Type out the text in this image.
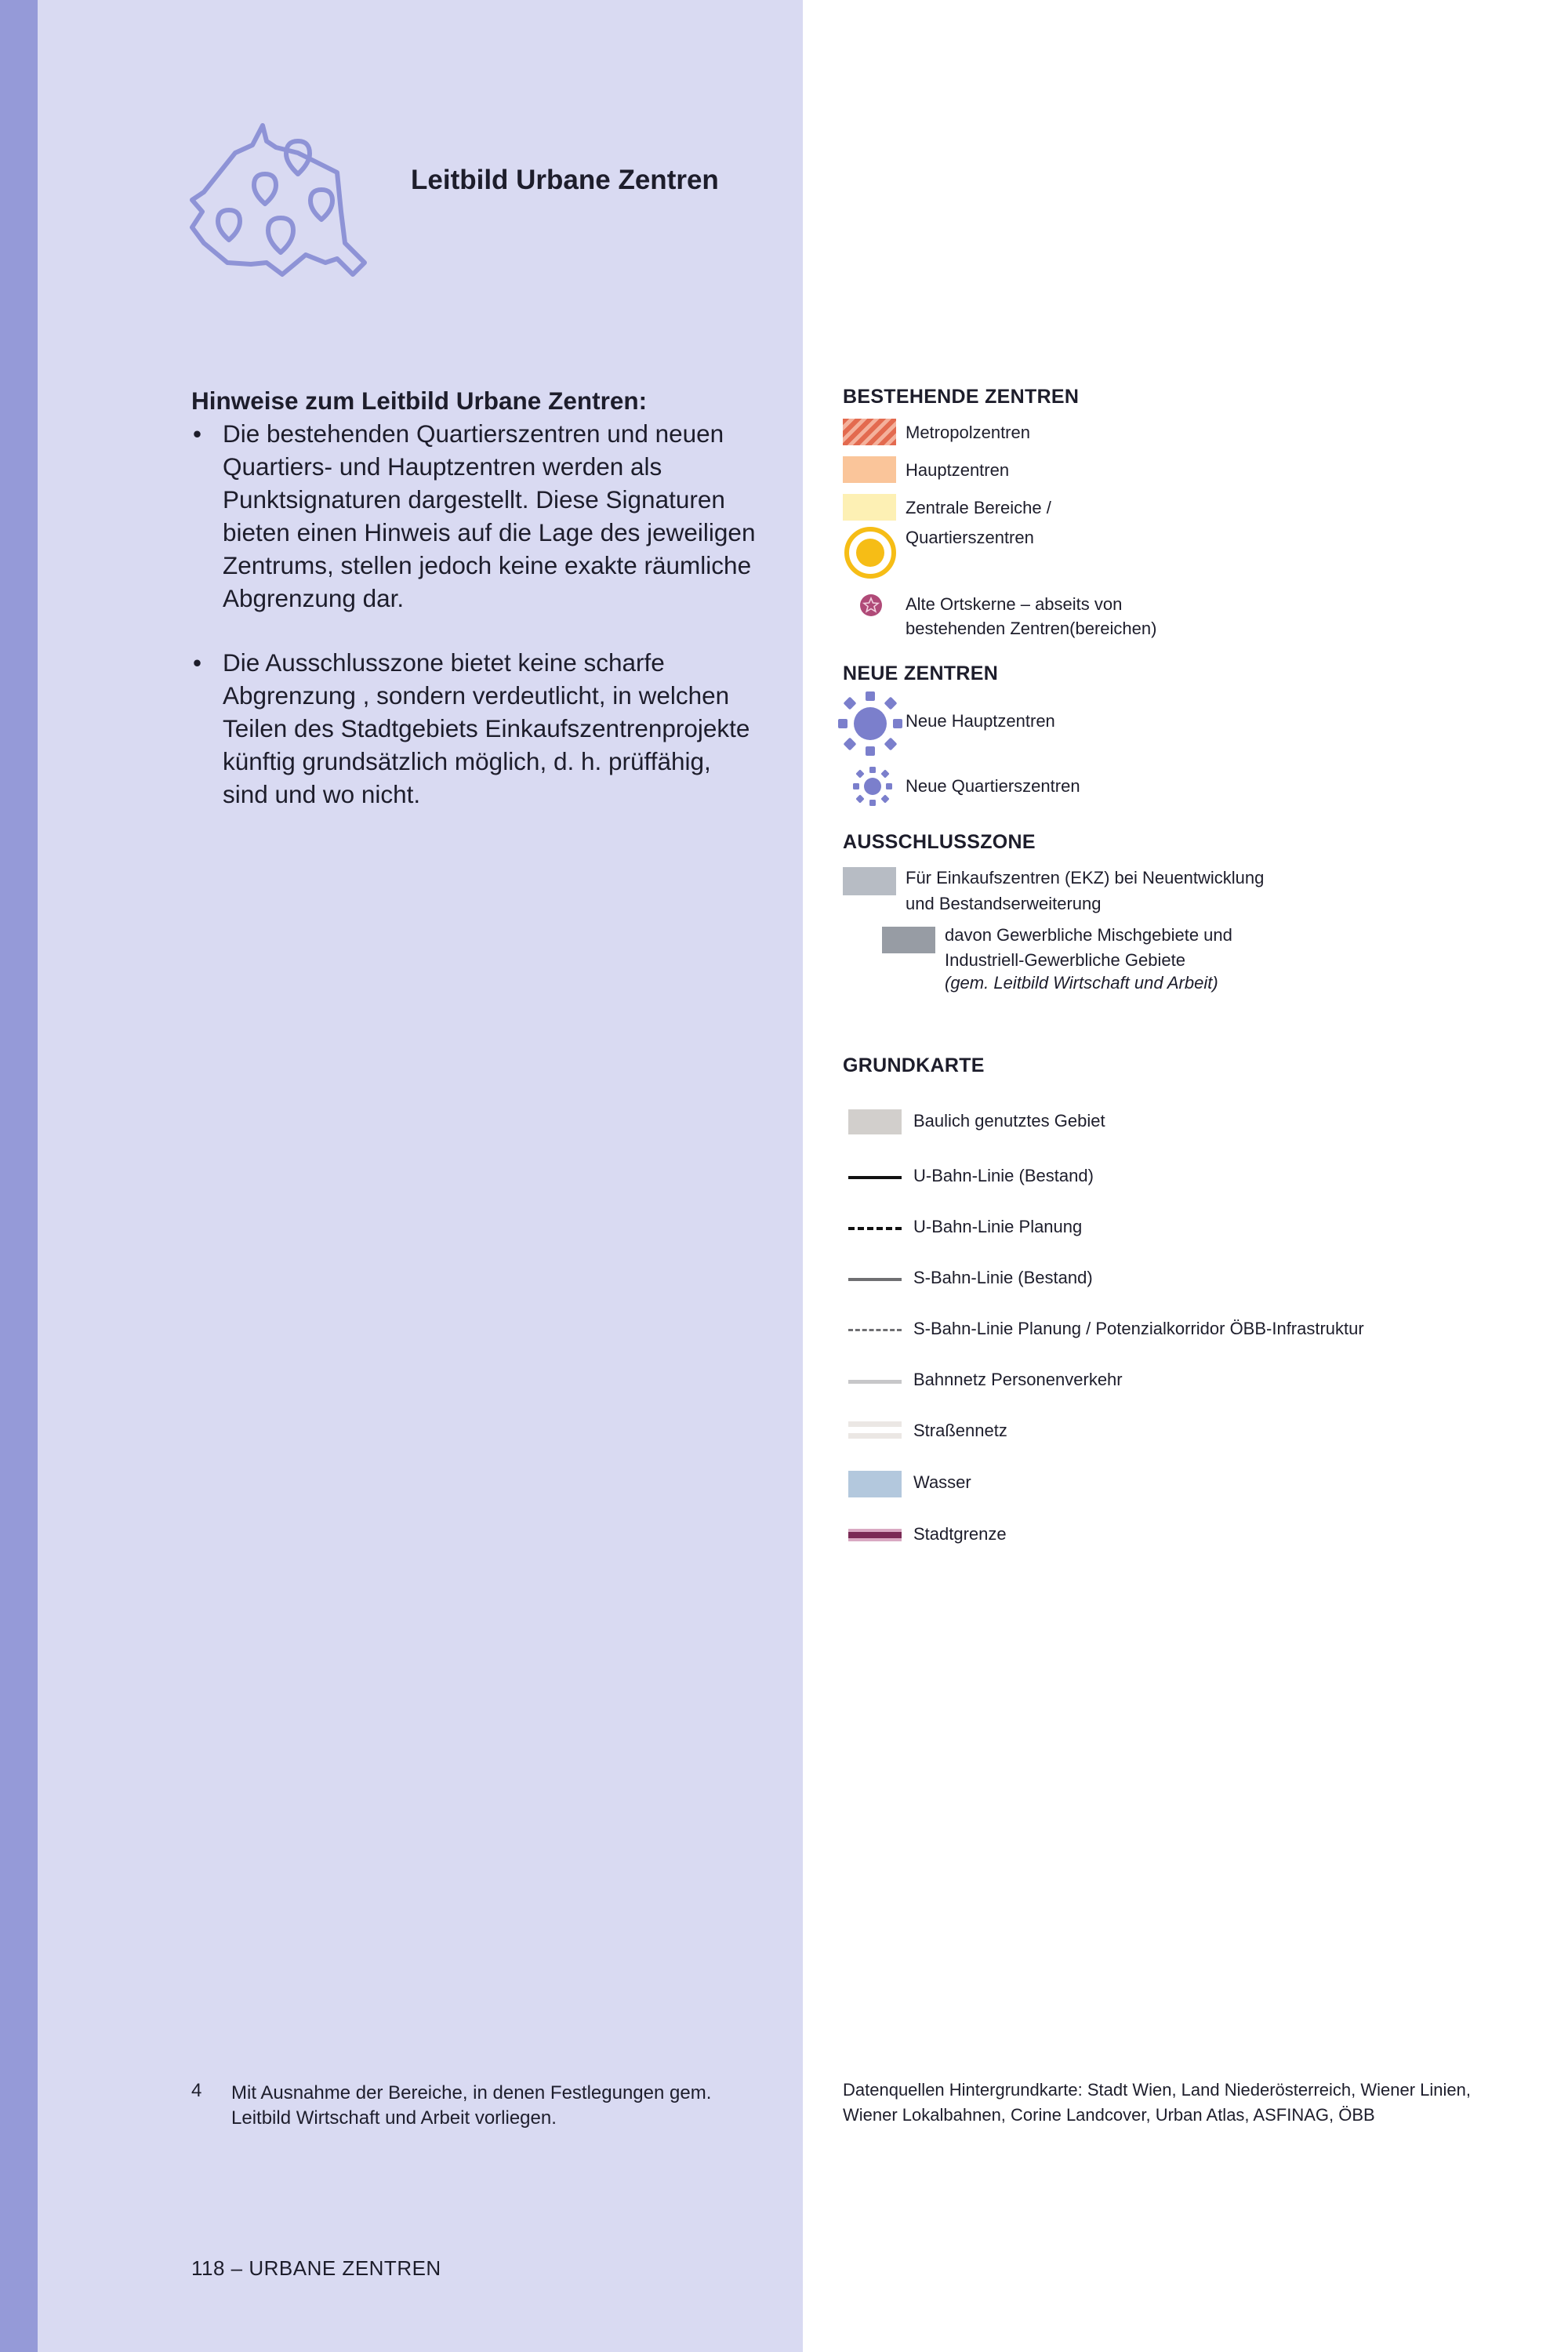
Leitbild Urbane Zentren
Hinweise zum Leitbild Urbane Zentren:
• Die bestehenden Quartierszentren und neuen Quartiers- und Hauptzentren werden als Punktsignaturen dargestellt. Diese Signaturen bieten einen Hinweis auf die Lage des jeweiligen Zentrums, stellen jedoch keine exakte räumliche Abgrenzung dar.
• Die Ausschlusszone bietet keine scharfe Abgrenzung , sondern verdeutlicht, in welchen Teilen des Stadtgebiets Einkaufszentrenprojekte künftig grundsätzlich möglich, d. h. prüffähig, sind und wo nicht.
4 Mit Ausnahme der Bereiche, in denen Festlegungen gem. Leitbild Wirtschaft und Arbeit vorliegen.
118 – URBANE ZENTREN
BESTEHENDE ZENTREN
Metropolzentren
Hauptzentren
Zentrale Bereiche /
Quartierszentren
Alte Ortskerne – abseits von
bestehenden Zentren(bereichen)
NEUE ZENTREN
Neue Hauptzentren
Neue Quartierszentren
AUSSCHLUSSZONE
Für Einkaufszentren (EKZ) bei Neuentwicklung
und Bestandserweiterung
davon Gewerbliche Mischgebiete und
Industriell-Gewerbliche Gebiete
(gem. Leitbild Wirtschaft und Arbeit)
GRUNDKARTE
Baulich genutztes Gebiet
U-Bahn-Linie (Bestand)
U-Bahn-Linie Planung
S-Bahn-Linie (Bestand)
S-Bahn-Linie Planung / Potenzialkorridor ÖBB-Infrastruktur
Bahnnetz Personenverkehr
Straßennetz
Wasser
Stadtgrenze
Datenquellen Hintergrundkarte: Stadt Wien, Land Niederösterreich, Wiener Linien, Wiener Lokalbahnen, Corine Landcover, Urban Atlas, ASFINAG, ÖBB
